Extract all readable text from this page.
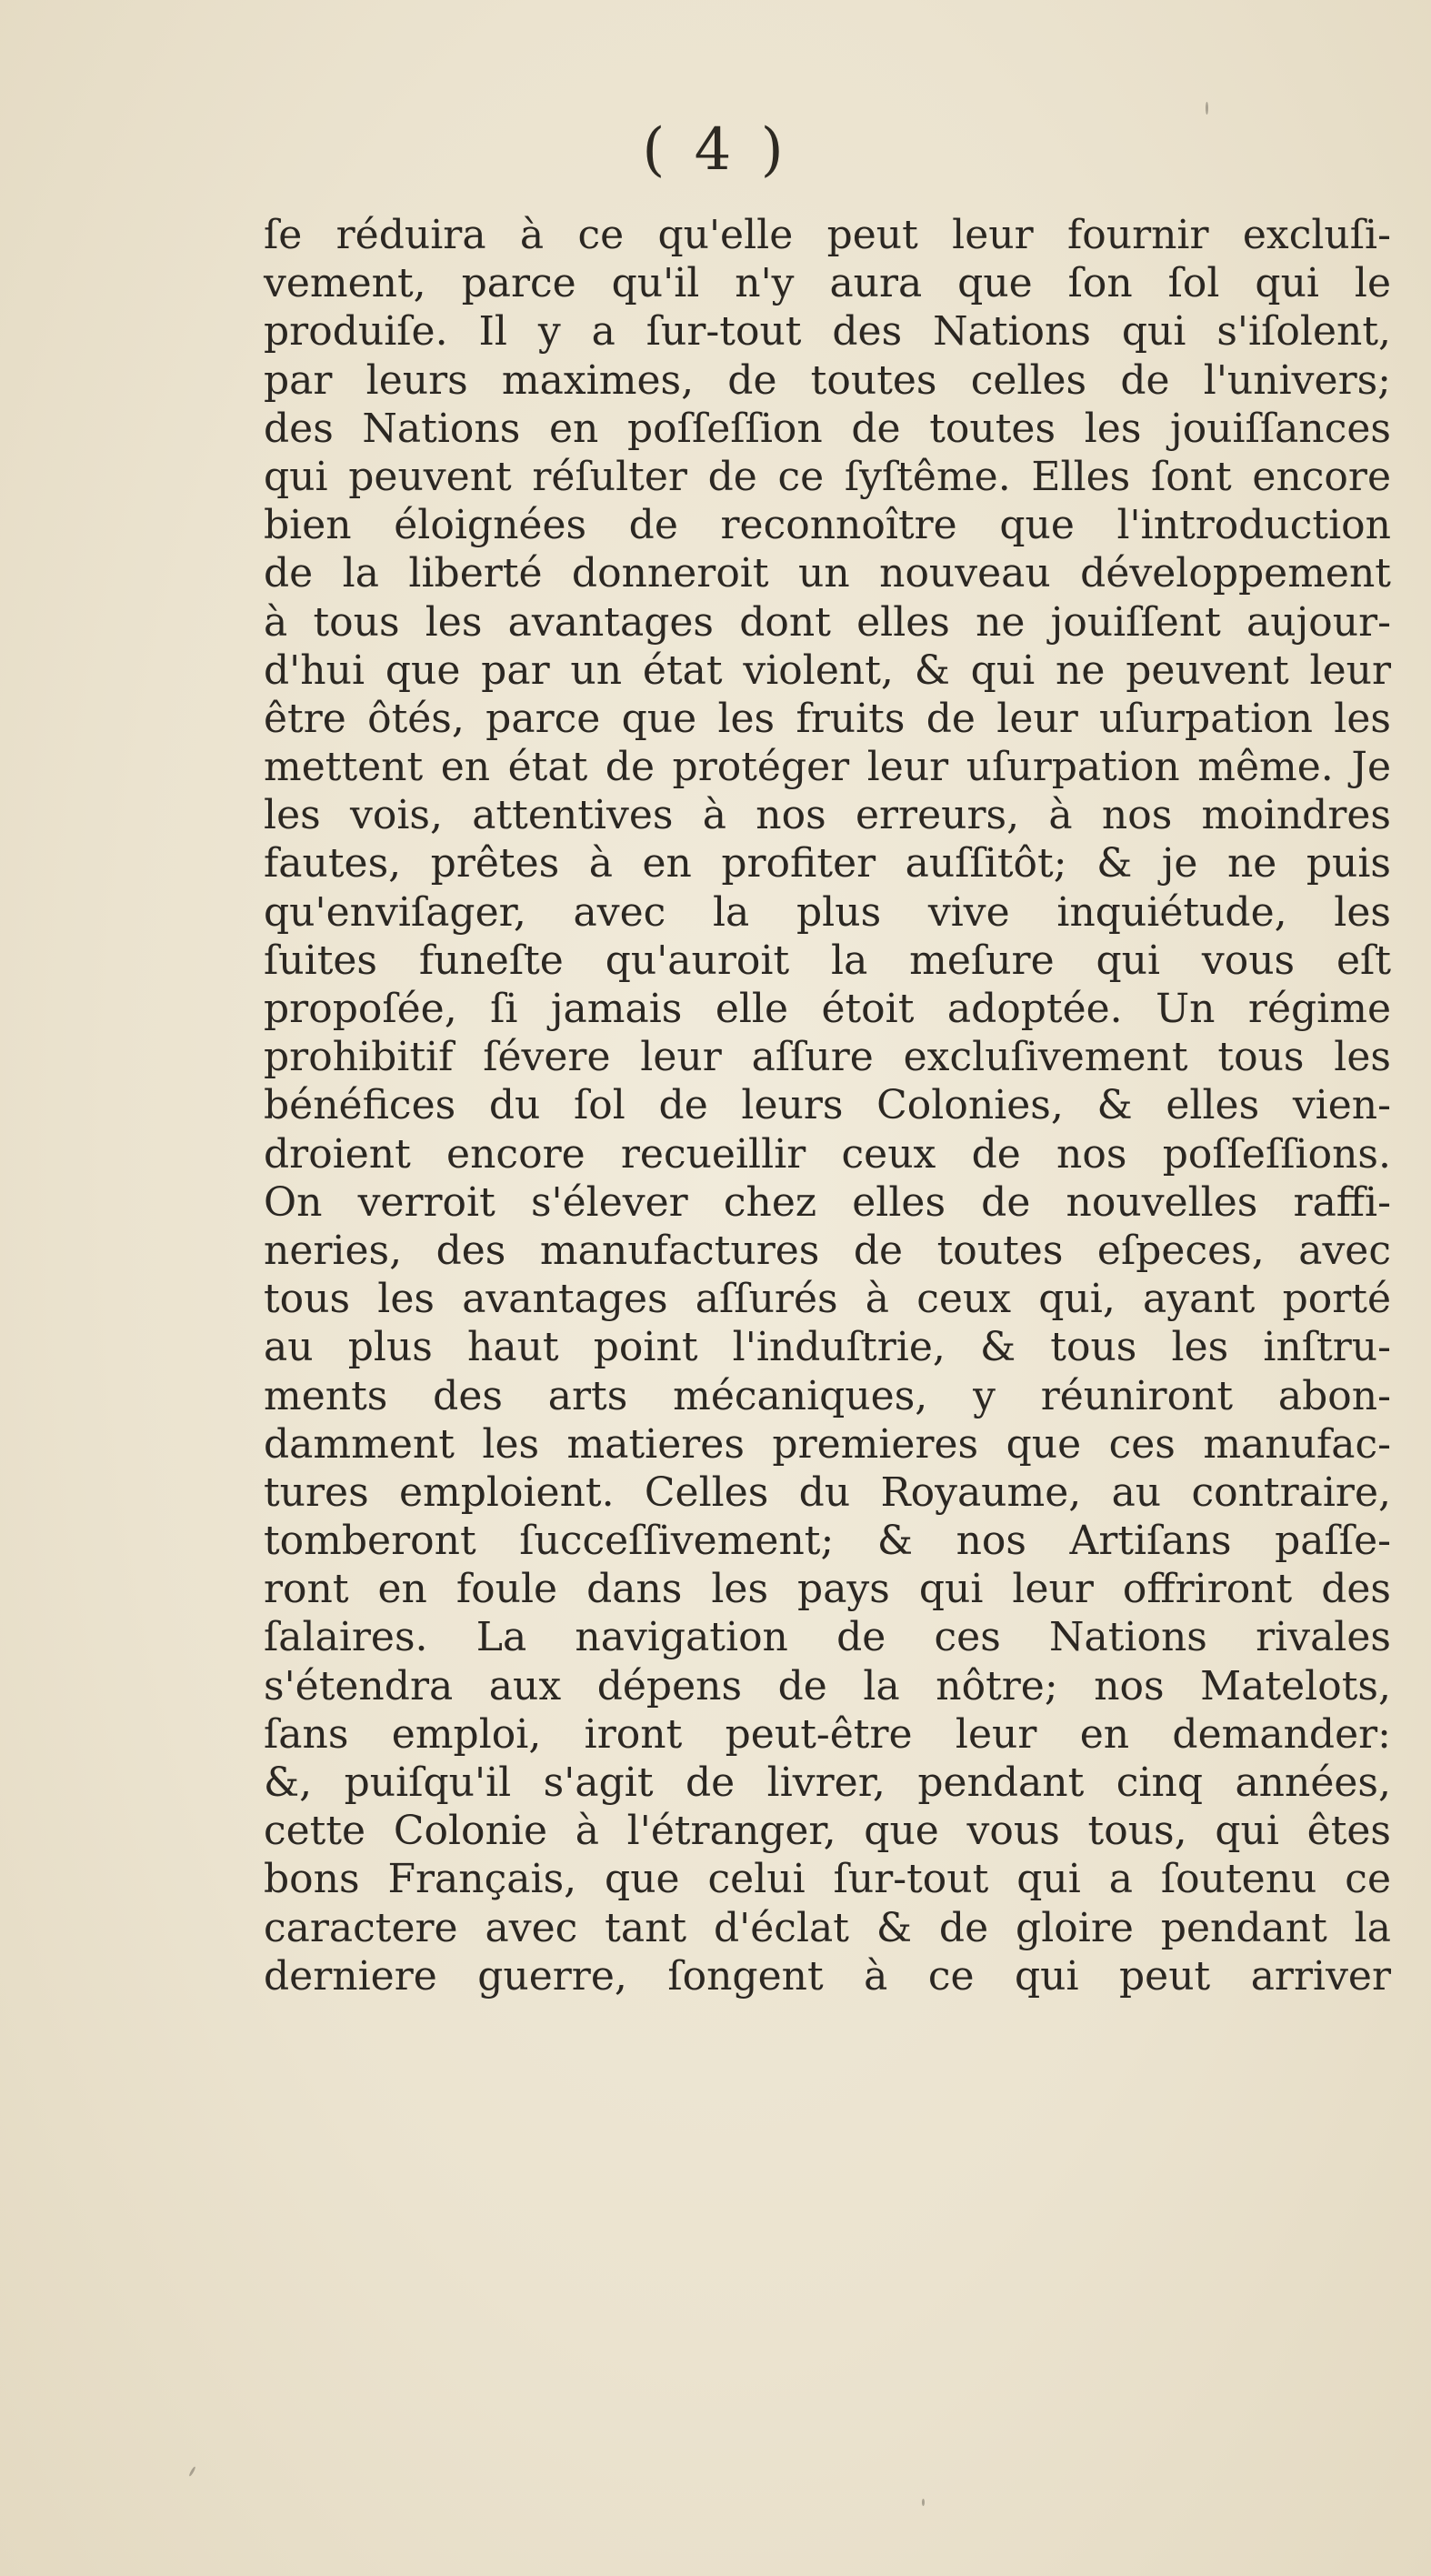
( 4 )
ſe réduira à ce qu'elle peut leur fournir excluſi-
vement, parce qu'il n'y aura que ſon ſol qui le
produiſe. Il y a ſur-tout des Nations qui s'iſolent,
par leurs maximes, de toutes celles de l'univers;
des Nations en poſſeſſion de toutes les jouiſſances
qui peuvent réſulter de ce ſyſtême. Elles ſont encore
bien éloignées de reconnoître que l'introduction
de la liberté donneroit un nouveau développement
à tous les avantages dont elles ne jouiſſent aujour-
d'hui que par un état violent, & qui ne peuvent leur
être ôtés, parce que les fruits de leur uſurpation les
mettent en état de protéger leur uſurpation même. Je
les vois, attentives à nos erreurs, à nos moindres
fautes, prêtes à en profiter auſſitôt; & je ne puis
qu'enviſager, avec la plus vive inquiétude, les
ſuites funeſte qu'auroit la meſure qui vous eſt
propoſée, ſi jamais elle étoit adoptée. Un régime
prohibitif ſévere leur aſſure excluſivement tous les
bénéfices du ſol de leurs Colonies, & elles vien-
droient encore recueillir ceux de nos poſſeſſions.
On verroit s'élever chez elles de nouvelles raffi-
neries, des manufactures de toutes eſpeces, avec
tous les avantages aſſurés à ceux qui, ayant porté
au plus haut point l'induſtrie, & tous les inſtru-
ments des arts mécaniques, y réuniront abon-
damment les matieres premieres que ces manufac-
tures emploient. Celles du Royaume, au contraire,
tomberont ſucceſſivement; & nos Artiſans paſſe-
ront en foule dans les pays qui leur offriront des
ſalaires. La navigation de ces Nations rivales
s'étendra aux dépens de la nôtre; nos Matelots,
ſans emploi, iront peut-être leur en demander:
&, puiſqu'il s'agit de livrer, pendant cinq années,
cette Colonie à l'étranger, que vous tous, qui êtes
bons Français, que celui ſur-tout qui a ſoutenu ce
caractere avec tant d'éclat & de gloire pendant la
derniere guerre, ſongent à ce qui peut arriver
